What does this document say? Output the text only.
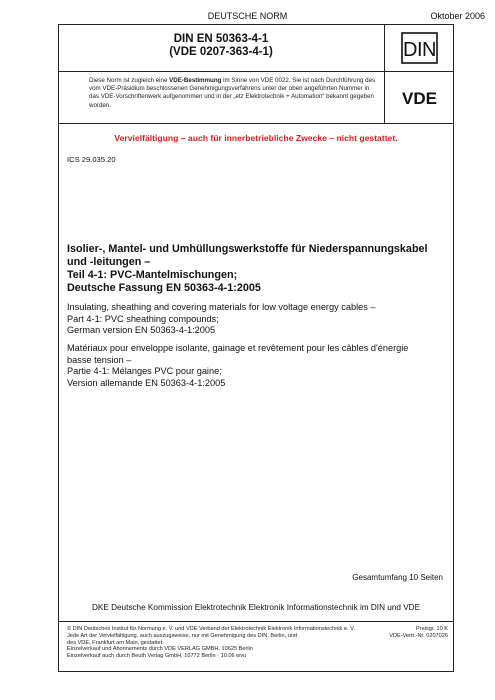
DEUTSCHE NORM	Oktober 2006
DIN EN 50363-4-1
(VDE 0207-363-4-1)	DIN
Diese Norm ist zugleich eine VDE-Bestimmung im Sinne von VDE 0022. Sie ist nach Durchführung des vom VDE-Präsidium beschlossenen Genehmigungsverfahrens unter der oben angeführten Nummer in das VDE-Vorschriftenwerk aufgenommen und in der „etz Elektrotechnik + Automation“ bekannt gegeben worden.	VDE
Vervielfältigung – auch für innerbetriebliche Zwecke – nicht gestattet.
ICS 29.035.20
Isolier-, Mantel- und Umhüllungswerkstoffe für Niederspannungskabel
und -leitungen –
Teil 4-1: PVC-Mantelmischungen;
Deutsche Fassung EN 50363-4-1:2005
Insulating, sheathing and covering materials for low voltage energy cables –
Part 4-1: PVC sheathing compounds;
German version EN 50363-4-1:2005
Matériaux pour enveloppe isolante, gainage et revêtement pour les câbles d'énergie
basse tension –
Partie 4-1: Mélanges PVC pour gaine;
Version allemande EN 50363-4-1:2005
Gesamtumfang 10 Seiten
DKE Deutsche Kommission Elektrotechnik Elektronik Informationstechnik im DIN und VDE
© DIN Deutsches Institut für Normung e. V. und VDE Verband der Elektrotechnik Elektronik Informationstechnik e. V.
Jede Art der Vervielfältigung, auch auszugsweise, nur mit Genehmigung des DIN, Berlin, und
des VDE, Frankfurt am Main, gestattet.
Einzelverkauf und Abonnements durch VDE VERLAG GMBH, 10625 Berlin
Einzelverkauf auch durch Beuth Verlag GmbH, 10772 Berlin · 10.06 wvu
Preisgr. 10 K
VDE-Vertr.-Nr. 0207026
